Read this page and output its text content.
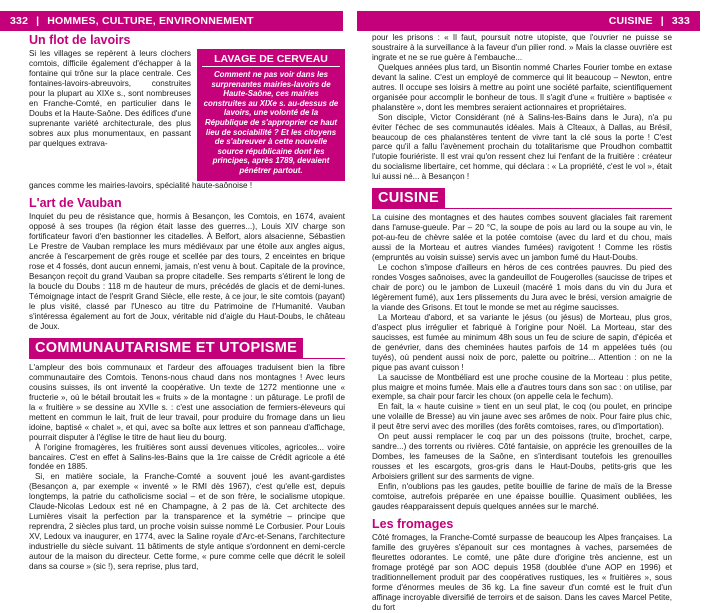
332 | HOMMES, CULTURE, ENVIRONNEMENT	CUISINE | 333
Un flot de lavoirs

Si les villages se repèrent à leurs clochers comtois, difficile également d'échapper à la fontaine qui trône sur la place centrale. Ces fontaines-lavoirs-abreuvoirs, construites pour la plupart au XIXe s., sont nombreuses en Franche-Comté, en particulier dans le Doubs et la Haute-Saône. Des édifices d'une suprenante variété architecturale, des plus sobres aux plus monumentaux, en passant par quelques extrava-

LAVAGE DE CERVEAU
Comment ne pas voir dans les surprenantes mairies-lavoirs de Haute-Saône, ces mairies construites au XIXe s. au-dessus de lavoirs, une volonté de la République de s'approprier ce haut lieu de sociabilité ? Et les citoyens de s'abreuver à cette nouvelle source républicaine dont les principes, après 1789, devaient pénétrer partout.

gances comme les mairies-lavoirs, spécialité haute-saônoise !

L'art de Vauban

Inquiet du peu de résistance que, hormis à Besançon, les Comtois, en 1674, avaient opposé à ses troupes (la région était lasse des guerres...), Louis XIV charge son fortificateur favori d'en bastionner les citadelles. À Belfort, alors alsacienne, Sébastien Le Prestre de Vauban remplace les murs médiévaux par une étoile aux angles aigus, ancrée à l'escarpement de grès rouge et scellée par des tours, 2 enceintes en brique rose et 4 fossés, dont aucun ennemi, jamais, n'est venu à bout. Capitale de la province, Besançon reçoit du grand Vauban sa propre citadelle. Ses remparts s'étirent le long de la boucle du Doubs : 118 m de hauteur de murs, précédés de glacis et de demi-lunes. Témoignage intact de l'esprit Grand Siècle, elle reste, à ce jour, le site comtois (payant) le plus visité, classé par l'Unesco au titre du Patrimoine de l'Humanité. Vauban s'intéressa également au fort de Joux, véritable nid d'aigle du Haut-Doubs, le château de Joux.

COMMUNAUTARISME ET UTOPISME

L'ampleur des bois communaux et l'ardeur des affouages traduisent bien la fibre communautaire des Comtois. Tenons-nous chaud dans nos montagnes ! Avec leurs cousins suisses, ils ont inventé la coopérative. Un texte de 1272 mentionne une « fructerie », où le bétail broutait les « fruits » de la montagne : un pâturage. Le profil de la « fruitière » se dessine au XVIIe s. : c'est une association de fermiers-éleveurs qui mettent en commun le lait, fruit de leur travail, pour produire du fromage dans un lieu idoine, baptisé « chalet », et qui, avec sa boîte aux lettres et son panneau d'affichage, pourrait disputer à l'église le titre de haut lieu du bourg.

À l'origine fromagères, les fruitières sont aussi devenues viticoles, agricoles... voire bancaires. C'est en effet à Salins-les-Bains que la 1re caisse de Crédit agricole a été fondée en 1885.

Si, en matière sociale, la Franche-Comté a souvent joué les avant-gardistes (Besançon a, par exemple « inventé » le RMI dès 1967), c'est qu'elle est, depuis longtemps, la patrie du catholicisme social – et de son frère, le socialisme utopique. Claude-Nicolas Ledoux est né en Champagne, à 2 pas de là. Cet architecte des Lumières visait la perfection par la transparence et la symétrie – principe que reprendra, 2 siècles plus tard, un proche voisin suisse nommé Le Corbusier. Pour Louis XV, Ledoux va inaugurer, en 1774, avec la Saline royale d'Arc-et-Senans, l'architecture industrielle du siècle suivant. 11 bâtiments de style antique s'ordonnent en demi-cercle autour de la maison du directeur. Cette forme, « pure comme celle que décrit le soleil dans sa course » (sic !), sera reprise, plus tard,

pour les prisons : « Il faut, poursuit notre utopiste, que l'ouvrier ne puisse se soustraire à la surveillance à la faveur d'un pilier rond. » Mais la classe ouvrière est ingrate et ne se rue guère à l'embauche...

Quelques années plus tard, un Bisontin nommé Charles Fourier tombe en extase devant la saline. C'est un employé de commerce qui lit beaucoup – Newton, entre autres. Il occupe ses loisirs à mettre au point une société parfaite, scientifiquement organisée pour accomplir le bonheur de tous. Il s'agit d'une « fruitière » baptisée « phalanstère », dont les membres seraient actionnaires et propriétaires.

Son disciple, Victor Considérant (né à Salins-les-Bains dans le Jura), n'a pu éviter l'échec de ses communautés idéales. Mais à Cîteaux, à Dallas, au Brésil, beaucoup de ces phalanstères tentent de vivre tant la clé sous la porte ! C'est parce qu'il a fallu l'avènement prochain du totalitarisme que Proudhon combattit l'utopie fouriériste. Il est vrai qu'on ressent chez lui l'enfant de la fruitière : créateur du socialisme libertaire, cet homme, qui déclara : « La propriété, c'est le vol », était lui aussi né... à Besançon !

CUISINE

La cuisine des montagnes et des hautes combes souvent glaciales fait rarement dans l'amuse-gueule. Par – 20 °C, la soupe de pois au lard ou la soupe au vin, le pot-au-feu de chèvre salée et la potée comtoise (avec du lard et du chou, mais aussi de la Morteau et autres viandes fumées) ravigotent ! Comme les röstis (empruntés au voisin suisse) servis avec un jambon fumé du Haut-Doubs.

Le cochon s'impose d'ailleurs en héros de ces contrées pauvres. Du pied des rondes Vosges saônoises, avec la gandeuillot de Fougerolles (saucisse de tripes et chair de porc) ou le jambon de Luxeuil (macéré 1 mois dans du vin du Jura et légèrement fumé), aux 1ers plissements du Jura avec le brési, version amaigrie de la viande des Grisons. Et tout le monde se met au régime saucisses.

La Morteau d'abord, et sa variante le jésus (ou jésus) de Morteau, plus gros, d'aspect plus irrégulier et fabriqué à l'origine pour Noël. La Morteau, star des saucisses, est fumée au minimum 48h sous un feu de sciure de sapin, d'épicéa et de genévrier, dans des cheminées hautes parfois de 14 m appelées tués (ou tuyés), où pendent aussi noix de porc, palette ou poitrine... Attention : on ne la pique pas avant cuisson !

La saucisse de Montbéliard est une proche cousine de la Morteau : plus petite, plus maigre et moins fumée. Mais elle a d'autres tours dans son sac : on utilise, par exemple, sa chair pour farcir les choux (on appelle cela le fechum).

En fait, la « haute cuisine » tient en un seul plat, le coq (ou poulet, en principe une volaille de Bresse) au vin jaune avec ses arômes de noix. Pour faire plus chic, il peut être servi avec des morilles (des forêts comtoises, rares, ou d'importation).

On peut aussi remplacer le coq par un des poissons (truite, brochet, carpe, sandre...) des torrents ou rivières. Côté fantaisie, on apprécie les grenouilles de la Dombes, les fameuses de la Saône, en s'interdisant toutefois les grenouilles rousses et les escargots, gros-gris dans le Haut-Doubs, petits-gris que les Arboisiers grillent sur des sarments de vigne.

Enfin, n'oublions pas les gaudes, petite bouillie de farine de maïs de la Bresse comtoise, autrefois préparée en une épaisse bouillie. Quasiment oubliées, les gaudes réapparaissent depuis quelques années sur le marché.

Les fromages

Côté fromages, la Franche-Comté surpasse de beaucoup les Alpes françaises. La famille des gruyères s'épanouit sur ces montagnes à vaches, parsemées de fleurettes odorantes. Le comté, une pâte dure d'origine très ancienne, est un fromage protégé par son AOC depuis 1958 (doublée d'une AOP en 1996) et traditionnellement produit par des coopératives rustiques, les « fruitières », sous forme d'énormes meules de 36 kg. La fine saveur d'un comté est le fruit d'un affinage incroyable diversifié de terroirs et de saison. Dans les caves Marcel Petite, du fort
